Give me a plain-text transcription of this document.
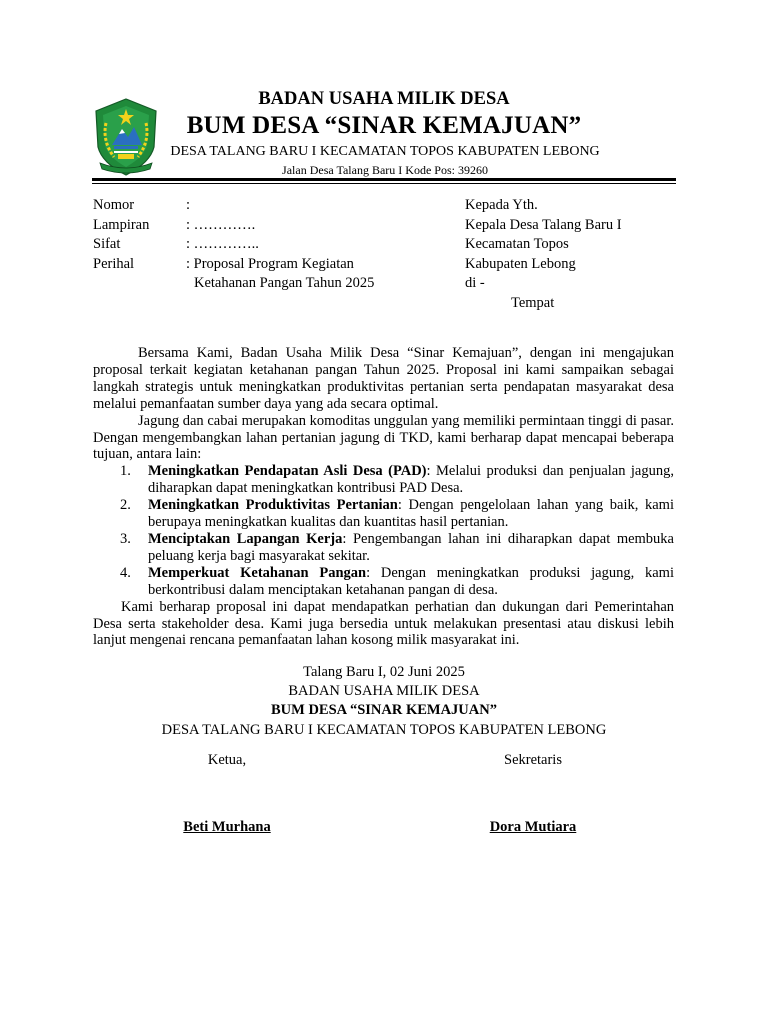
BADAN USAHA MILIK DESA
BUM DESA “SINAR KEMAJUAN”
DESA TALANG BARU I KECAMATAN TOPOS KABUPATEN LEBONG
Jalan Desa Talang Baru I Kode Pos: 39260
Nomor	:
Lampiran	: ………….
Sifat	: …………..
Perihal	: Proposal Program Kegiatan
Ketahanan Pangan Tahun 2025
Kepada Yth.
Kepala Desa Talang Baru I
Kecamatan Topos
Kabupaten Lebong
di -
Tempat

Bersama Kami, Badan Usaha Milik Desa “Sinar Kemajuan”, dengan ini mengajukan proposal terkait kegiatan ketahanan pangan Tahun 2025. Proposal ini kami sampaikan sebagai langkah strategis untuk meningkatkan produktivitas pertanian serta pendapatan masyarakat desa melalui pemanfaatan sumber daya yang ada secara optimal.

Jagung dan cabai merupakan komoditas unggulan yang memiliki permintaan tinggi di pasar. Dengan mengembangkan lahan pertanian jagung di TKD, kami berharap dapat mencapai beberapa tujuan, antara lain:

1.	Meningkatkan Pendapatan Asli Desa (PAD): Melalui produksi dan penjualan jagung, diharapkan dapat meningkatkan kontribusi PAD Desa.
2.	Meningkatkan Produktivitas Pertanian: Dengan pengelolaan lahan yang baik, kami berupaya meningkatkan kualitas dan kuantitas hasil pertanian.
3.	Menciptakan Lapangan Kerja: Pengembangan lahan ini diharapkan dapat membuka peluang kerja bagi masyarakat sekitar.
4.	Memperkuat Ketahanan Pangan: Dengan meningkatkan produksi jagung, kami berkontribusi dalam menciptakan ketahanan pangan di desa.

Kami berharap proposal ini dapat mendapatkan perhatian dan dukungan dari Pemerintahan Desa serta stakeholder desa. Kami juga bersedia untuk melakukan presentasi atau diskusi lebih lanjut mengenai rencana pemanfaatan lahan kosong milik masyarakat ini.

Talang Baru I, 02 Juni 2025
BADAN USAHA MILIK DESA
BUM DESA “SINAR KEMAJUAN”
DESA TALANG BARU I KECAMATAN TOPOS KABUPATEN LEBONG
Ketua,
Beti Murhana
Sekretaris
Dora Mutiara
